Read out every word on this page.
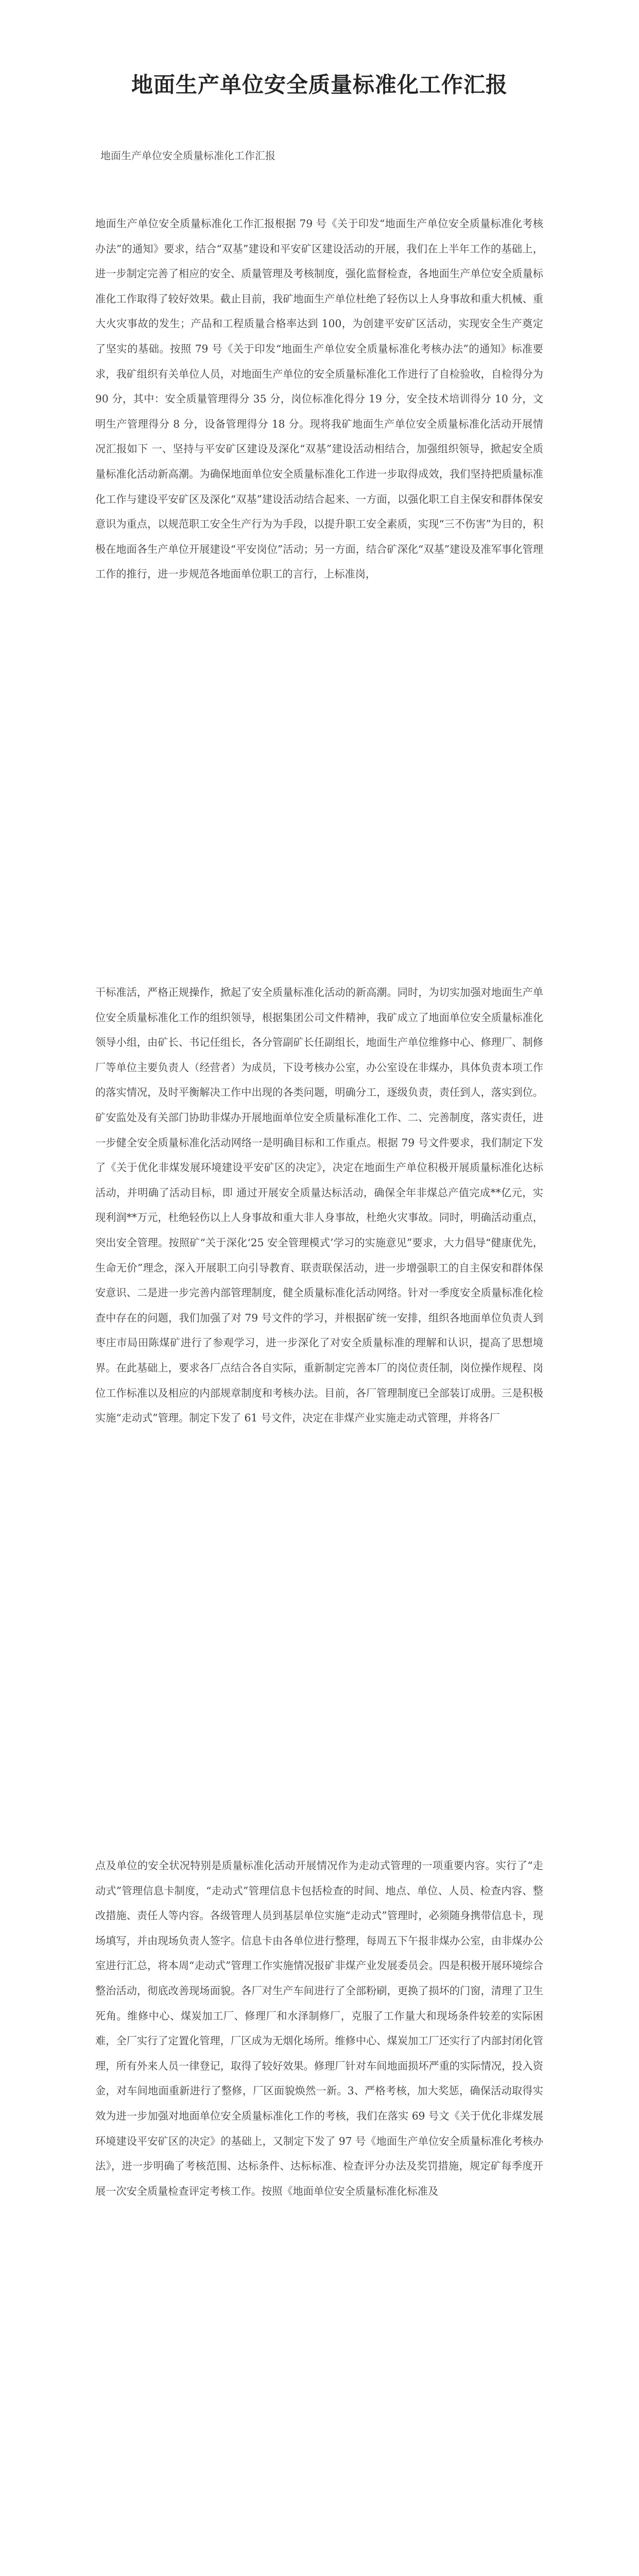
地面生产单位安全质量标准化工作汇报

地面生产单位安全质量标准化工作汇报

地面生产单位安全质量标准化工作汇报根据 79 号《关于印发“地面生产单位安全质量标准化考核办法”的通知》要求，结合“双基”建设和平安矿区建设活动的开展，我们在上半年工作的基础上，进一步制定完善了相应的安全、质量管理及考核制度，强化监督检查，各地面生产单位安全质量标准化工作取得了较好效果。截止目前，我矿地面生产单位杜绝了轻伤以上人身事故和重大机械、重大火灾事故的发生；产品和工程质量合格率达到 100，为创建平安矿区活动，实现安全生产奠定了坚实的基础。按照 79 号《关于印发“地面生产单位安全质量标准化考核办法”的通知》标准要求，我矿组织有关单位人员，对地面生产单位的安全质量标准化工作进行了自检验收，自检得分为 90 分，其中：安全质量管理得分 35 分，岗位标准化得分 19 分，安全技术培训得分 10 分，文明生产管理得分 8 分，设备管理得分 18 分。现将我矿地面生产单位安全质量标准化活动开展情况汇报如下 一、坚持与平安矿区建设及深化“双基”建设活动相结合，加强组织领导，掀起安全质量标准化活动新高潮。为确保地面单位安全质量标准化工作进一步取得成效，我们坚持把质量标准化工作与建设平安矿区及深化“双基”建设活动结合起来、一方面，以强化职工自主保安和群体保安意识为重点，以规范职工安全生产行为为手段，以提升职工安全素质，实现“三不伤害”为目的，积极在地面各生产单位开展建设“平安岗位”活动；另一方面，结合矿深化“双基”建设及准军事化管理工作的推行，进一步规范各地面单位职工的言行，上标准岗，

干标准活，严格正规操作，掀起了安全质量标准化活动的新高潮。同时，为切实加强对地面生产单位安全质量标准化工作的组织领导，根据集团公司文件精神，我矿成立了地面单位安全质量标准化领导小组，由矿长、书记任组长，各分管副矿长任副组长，地面生产单位维修中心、修理厂、制修厂等单位主要负责人（经营者）为成员，下设考核办公室，办公室设在非煤办，具体负责本项工作的落实情况，及时平衡解决工作中出现的各类问题，明确分工，逐级负责，责任到人，落实到位。矿安监处及有关部门协助非煤办开展地面单位安全质量标准化工作、二、完善制度，落实责任，进一步健全安全质量标准化活动网络一是明确目标和工作重点。根据 79 号文件要求，我们制定下发了《关于优化非煤发展环境建设平安矿区的决定》，决定在地面生产单位积极开展质量标准化达标活动，并明确了活动目标，即 通过开展安全质量达标活动，确保全年非煤总产值完成**亿元，实现利润**万元，杜绝轻伤以上人身事故和重大非人身事故，杜绝火灾事故。同时，明确活动重点，突出安全管理。按照矿“关于深化‘25 安全管理模式’学习的实施意见”要求，大力倡导“健康优先，生命无价”理念，深入开展职工向引导教育、联责联保活动，进一步增强职工的自主保安和群体保安意识、二是进一步完善内部管理制度，健全质量标准化活动网络。针对一季度安全质量标准化检查中存在的问题，我们加强了对 79 号文件的学习，并根据矿统一安排，组织各地面单位负责人到枣庄市局田陈煤矿进行了参观学习，进一步深化了对安全质量标准的理解和认识，提高了思想境界。在此基础上，要求各厂点结合各自实际，重新制定完善本厂的岗位责任制，岗位操作规程、岗位工作标准以及相应的内部规章制度和考核办法。目前，各厂管理制度已全部装订成册。三是积极实施“走动式”管理。制定下发了 61 号文件，决定在非煤产业实施走动式管理，并将各厂

点及单位的安全状况特别是质量标准化活动开展情况作为走动式管理的一项重要内容。实行了“走动式”管理信息卡制度，“走动式”管理信息卡包括检查的时间、地点、单位、人员、检查内容、整改措施、责任人等内容。各级管理人员到基层单位实施“走动式”管理时，必须随身携带信息卡，现场填写，并由现场负责人签字。信息卡由各单位进行整理，每周五下午报非煤办公室，由非煤办公室进行汇总，将本周“走动式”管理工作实施情况报矿非煤产业发展委员会。四是积极开展环境综合整治活动，彻底改善现场面貌。各厂对生产车间进行了全部粉刷，更换了损坏的门窗，清理了卫生死角。维修中心、煤炭加工厂、修理厂和水泽制修厂，克服了工作量大和现场条件较差的实际困难，全厂实行了定置化管理，厂区成为无烟化场所。维修中心、煤炭加工厂还实行了内部封闭化管理，所有外来人员一律登记，取得了较好效果。修理厂针对车间地面损坏严重的实际情况，投入资金，对车间地面重新进行了整修，厂区面貌焕然一新。3、严格考核，加大奖惩，确保活动取得实效为进一步加强对地面单位安全质量标准化工作的考核，我们在落实 69 号文《关于优化非煤发展环境建设平安矿区的决定》的基础上，又制定下发了 97 号《地面生产单位安全质量标准化考核办法》，进一步明确了考核范围、达标条件、达标标准、检查评分办法及奖罚措施，规定矿每季度开展一次安全质量检查评定考核工作。按照《地面单位安全质量标准化标准及
